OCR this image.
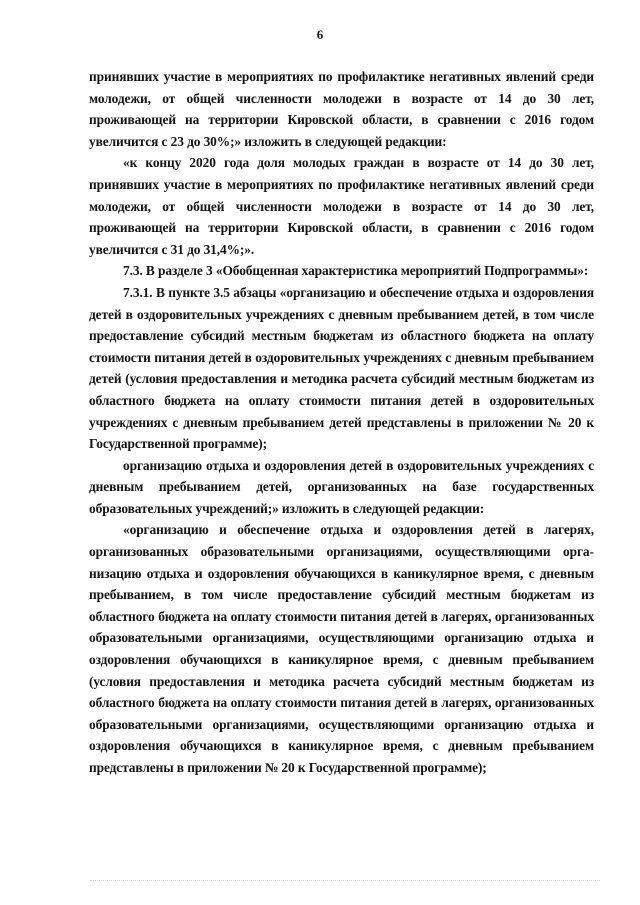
6

принявших участие в мероприятиях по профилактике негативных явлений среди молодежи, от общей численности молодежи в возрасте от 14 до 30 лет, проживающей на территории Кировской области, в сравнении с 2016 годом увеличится с 23 до 30%;» изложить в следующей редакции:

«к концу 2020 года доля молодых граждан в возрасте от 14 до 30 лет, принявших участие в мероприятиях по профилактике негативных явлений среди молодежи, от общей численности молодежи в возрасте от 14 до 30 лет, проживающей на территории Кировской области, в сравнении с 2016 годом увеличится с 31 до 31,4%;».

7.3. В разделе 3 «Обобщенная характеристика мероприятий Подпрограммы»:

7.3.1. В пункте 3.5 абзацы «организацию и обеспечение отдыха и оздоровления детей в оздоровительных учреждениях с дневным пребыванием детей, в том числе предоставление субсидий местным бюджетам из областного бюджета на оплату стоимости питания детей в оздоровительных учреждениях с дневным пребыванием детей (условия предоставления и методика расчета субсидий местным бюджетам из областного бюджета на оплату стоимости питания детей в оздоровительных учреждениях с дневным пребыванием детей представлены в приложении № 20 к Государственной программе);

организацию отдыха и оздоровления детей в оздоровительных учреждениях с дневным пребыванием детей, организованных на базе государственных образовательных учреждений;» изложить в следующей редакции:

«организацию и обеспечение отдыха и оздоровления детей в лагерях, организованных образовательными организациями, осуществляющими организацию отдыха и оздоровления обучающихся в каникулярное время, с дневным пребыванием, в том числе предоставление субсидий местным бюджетам из областного бюджета на оплату стоимости питания детей в лагерях, организованных образовательными организациями, осуществляющими организацию отдыха и оздоровления обучающихся в каникулярное время, с дневным пребыванием (условия предоставления и методика расчета субсидий местным бюджетам из областного бюджета на оплату стоимости питания детей в лагерях, организованных образовательными организациями, осуществляющими организацию отдыха и оздоровления обучающихся в каникулярное время, с дневным пребыванием представлены в приложении № 20 к Государственной программе);
